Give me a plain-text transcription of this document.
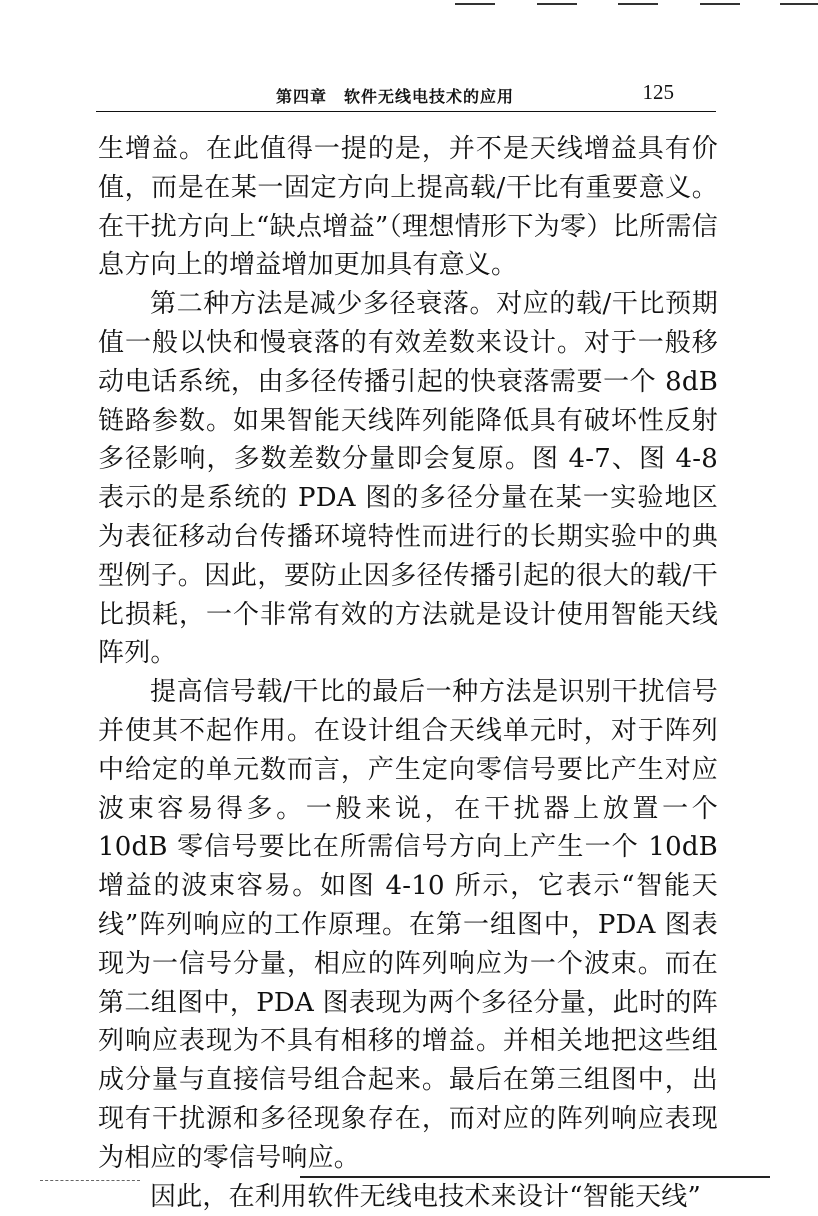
第四章　软件无线电技术的应用	125

生增益。在此值得一提的是，并不是天线增益具有价值，而是在某一固定方向上提高载/干比有重要意义。在干扰方向上“缺点增益”（理想情形下为零）比所需信息方向上的增益增加更加具有意义。

第二种方法是减少多径衰落。对应的载/干比预期值一般以快和慢衰落的有效差数来设计。对于一般移动电话系统，由多径传播引起的快衰落需要一个 8dB 链路参数。如果智能天线阵列能降低具有破坏性反射多径影响，多数差数分量即会复原。图 4-7、图 4-8 表示的是系统的 PDA 图的多径分量在某一实验地区为表征移动台传播环境特性而进行的长期实验中的典型例子。因此，要防止因多径传播引起的很大的载/干比损耗，一个非常有效的方法就是设计使用智能天线阵列。

提高信号载/干比的最后一种方法是识别干扰信号并使其不起作用。在设计组合天线单元时，对于阵列中给定的单元数而言，产生定向零信号要比产生对应波束容易得多。一般来说，在干扰器上放置一个 10dB 零信号要比在所需信号方向上产生一个 10dB 增益的波束容易。如图 4-10 所示，它表示“智能天线”阵列响应的工作原理。在第一组图中，PDA 图表现为一信号分量，相应的阵列响应为一个波束。而在第二组图中，PDA 图表现为两个多径分量，此时的阵列响应表现为不具有相移的增益。并相关地把这些组成分量与直接信号组合起来。最后在第三组图中，出现有干扰源和多径现象存在，而对应的阵列响应表现为相应的零信号响应。

因此，在利用软件无线电技术来设计“智能天线”
